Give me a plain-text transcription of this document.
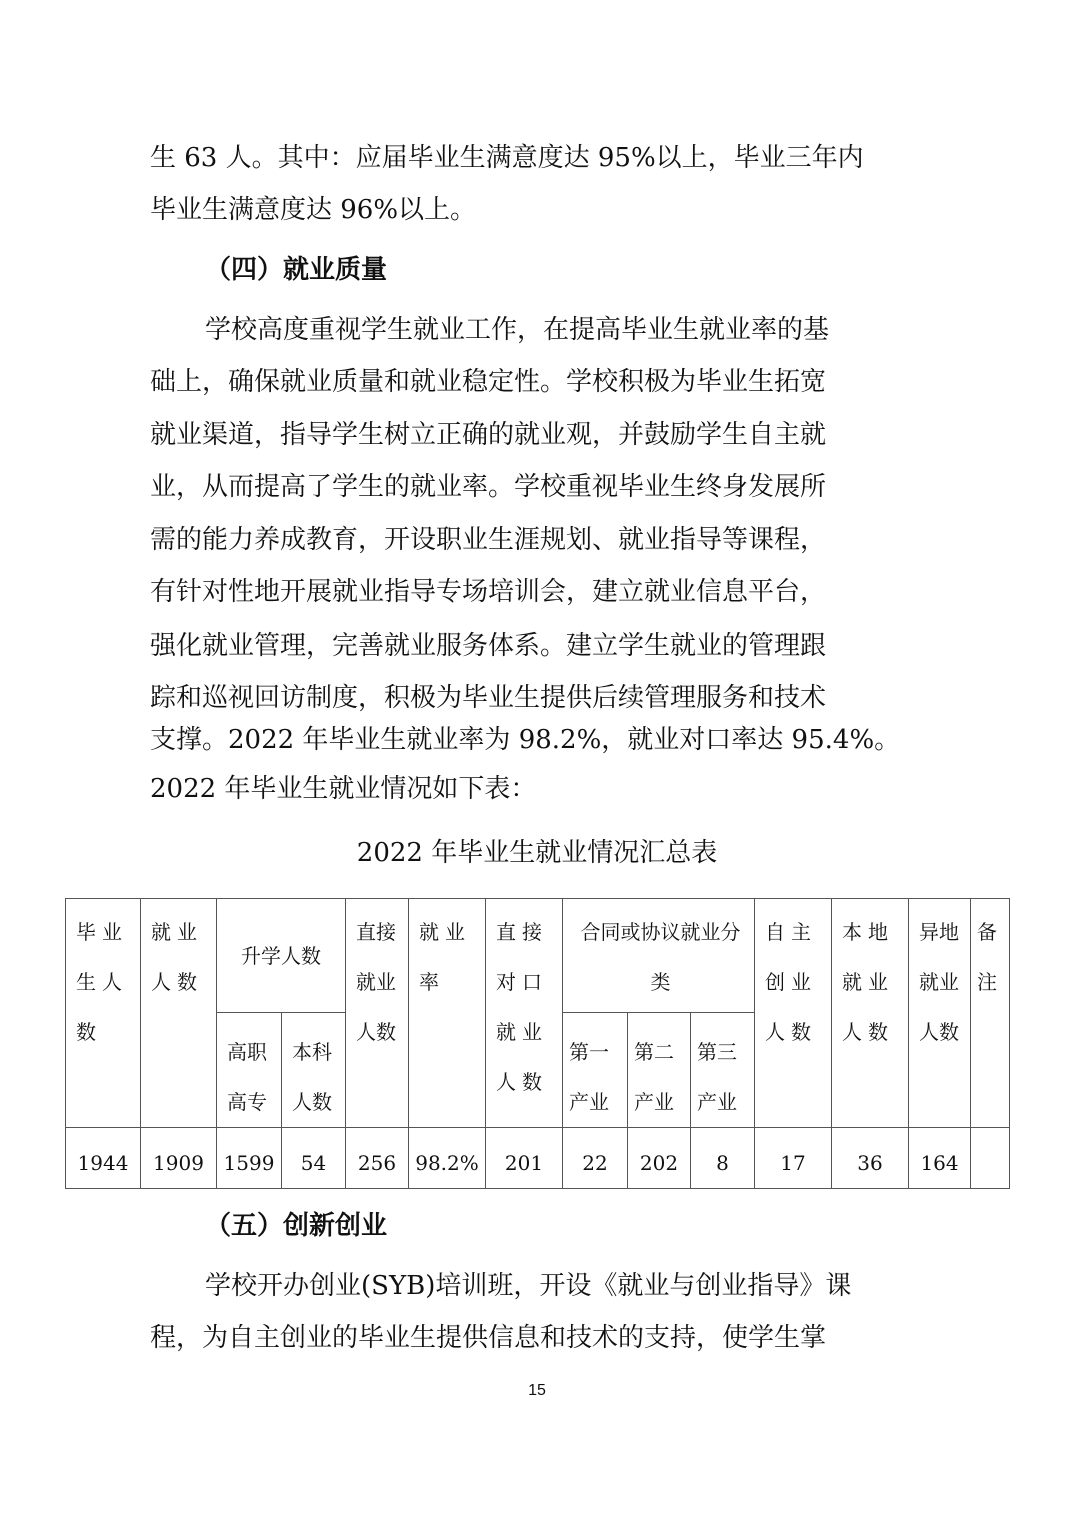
生 63 人。其中：应届毕业生满意度达 95%以上，毕业三年内
毕业生满意度达 96%以上。
（四）就业质量
学校高度重视学生就业工作，在提高毕业生就业率的基
础上，确保就业质量和就业稳定性。学校积极为毕业生拓宽
就业渠道，指导学生树立正确的就业观，并鼓励学生自主就
业，从而提高了学生的就业率。学校重视毕业生终身发展所
需的能力养成教育，开设职业生涯规划、就业指导等课程，
有针对性地开展就业指导专场培训会，建立就业信息平台，
强化就业管理，完善就业服务体系。建立学生就业的管理跟
踪和巡视回访制度，积极为毕业生提供后续管理服务和技术
支撑。2022 年毕业生就业率为 98.2%，就业对口率达 95.4%。
2022 年毕业生就业情况如下表：
2022 年毕业生就业情况汇总表
毕业生人数	就业人数	升学人数		直接就业人数	就业率	直接对口就业人数	合同或协议就业分类			自主创业人数	本地就业人数	异地就业人数	备注
		高职高专	本科人数				第一产业	第二产业	第三产业				
1944	1909	1599	54	256	98.2%	201	22	202	8	17	36	164	
（五）创新创业
学校开办创业(SYB)培训班，开设《就业与创业指导》课
程，为自主创业的毕业生提供信息和技术的支持，使学生掌
15
